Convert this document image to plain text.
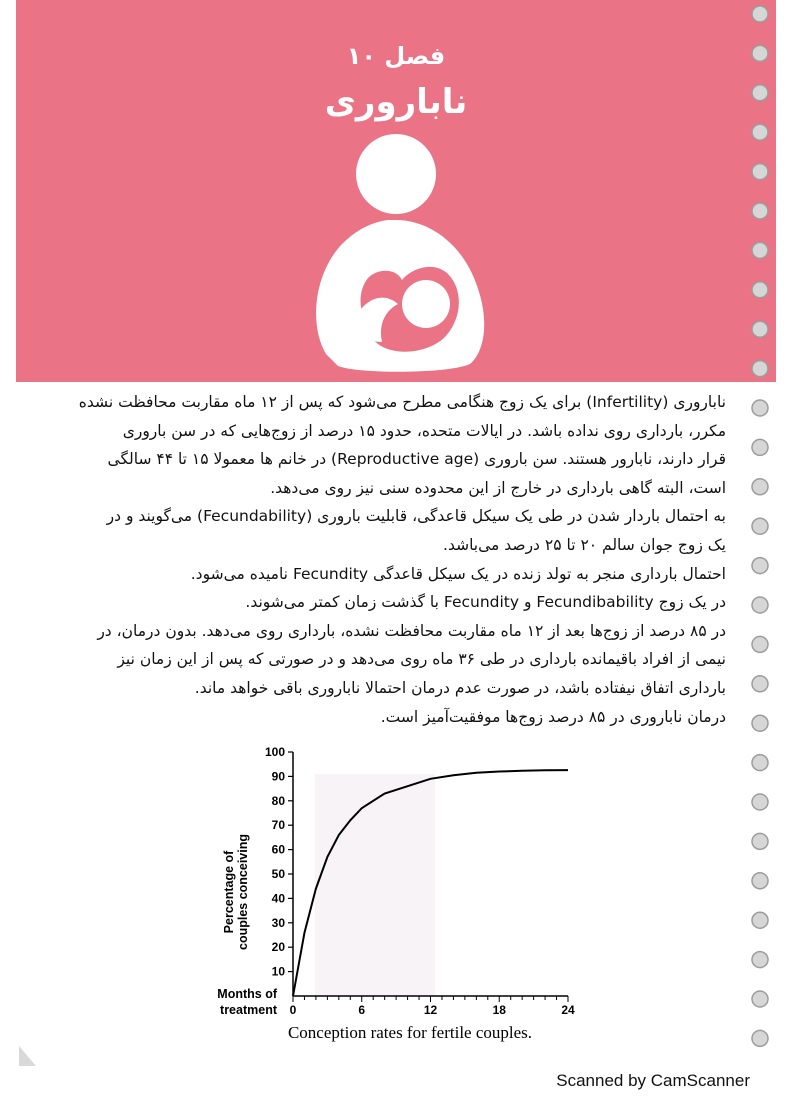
فصل ۱۰
ناباروری

ناباروری (Infertility) برای یک زوج هنگامی مطرح می‌شود که پس از ۱۲ ماه مقاربت محافظت نشده

مکرر، بارداری روی نداده باشد. در ایالات متحده، حدود ۱۵ درصد از زوج‌هایی که در سن باروری

قرار دارند، نابارور هستند. سن باروری (Reproductive age) در خانم ها معمولا ۱۵ تا ۴۴ سالگی

است، البته گاهی بارداری در خارج از این محدوده سنی نیز روی می‌دهد.

به احتمال باردار شدن در طی یک سیکل قاعدگی، قابلیت باروری (Fecundability) می‌گویند و در

یک زوج جوان سالم ۲۰ تا ۲۵ درصد می‌باشد.

احتمال بارداری منجر به تولد زنده در یک سیکل قاعدگی Fecundity نامیده می‌شود.

در یک زوج Fecundibability و Fecundity با گذشت زمان کمتر می‌شوند.

در ۸۵ درصد از زوج‌ها بعد از ۱۲ ماه مقاربت محافظت نشده، بارداری روی می‌دهد. بدون درمان، در

نیمی از افراد باقیمانده بارداری در طی ۳۶ ماه روی می‌دهد و در صورتی که پس از این زمان نیز

بارداری اتفاق نیفتاده باشد، در صورت عدم درمان احتمالا ناباروری باقی خواهد ماند.

درمان ناباروری در ۸۵ درصد زوج‌ها موفقیت‌آمیز است.

10
20
30
40
50
60
70
80
90
100
0	6	12	18	24
Percentage of couples conceiving
Months of
treatment
Conception rates for fertile couples.
Scanned by CamScanner
